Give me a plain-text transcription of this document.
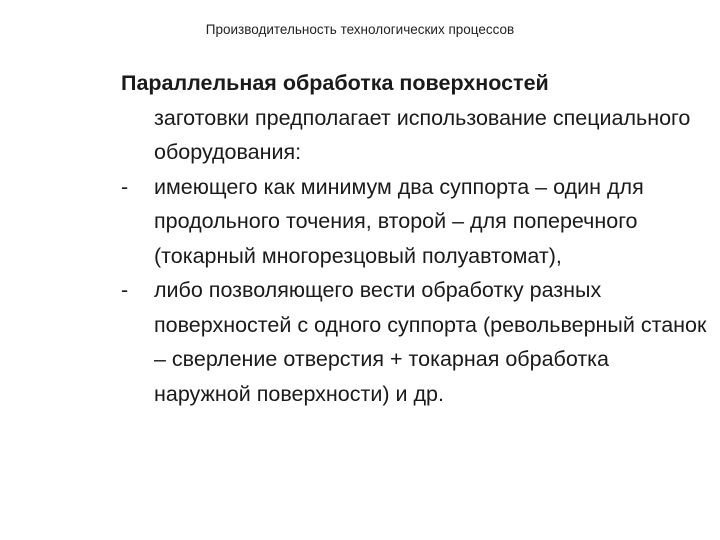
Производительность технологических процессов

Параллельная обработка поверхностей
заготовки предполагает использование специального оборудования:

- имеющего как минимум два суппорта – один для продольного точения, второй – для поперечного (токарный многорезцовый полуавтомат),

- либо позволяющего вести обработку разных поверхностей с одного суппорта (револьверный станок – сверление отверстия + токарная обработка наружной поверхности) и др.
